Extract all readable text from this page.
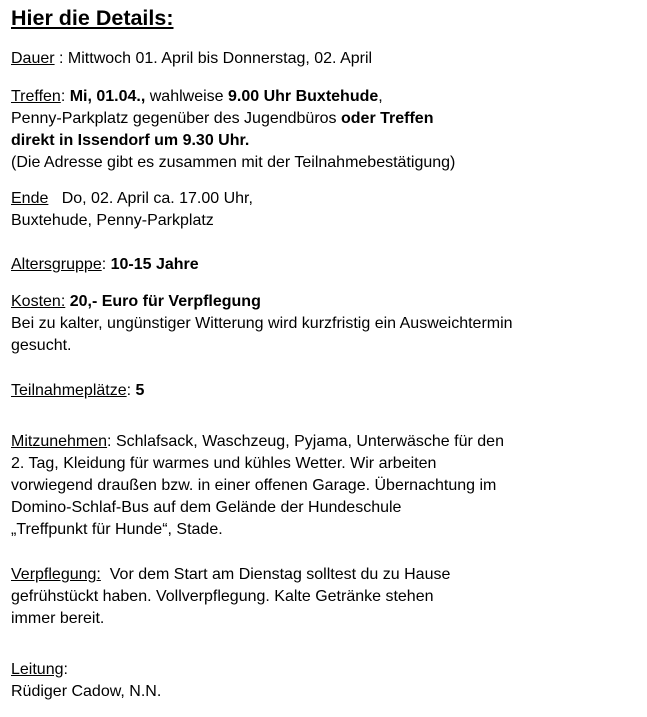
Hier die Details:
Dauer : Mittwoch 01. April bis Donnerstag, 02. April
Treffen: Mi, 01.04., wahlweise 9.00 Uhr Buxtehude,
Penny-Parkplatz gegenüber des Jugendbüros oder Treffen
direkt in Issendorf um 9.30 Uhr.
(Die Adresse gibt es zusammen mit der Teilnahmebestätigung)
Ende   Do, 02. April ca. 17.00 Uhr,
Buxtehude, Penny-Parkplatz
Altersgruppe: 10-15 Jahre
Kosten: 20,- Euro für Verpflegung
Bei zu kalter, ungünstiger Witterung wird kurzfristig ein Ausweichtermin
gesucht.
Teilnahmeplätze: 5
Mitzunehmen: Schlafsack, Waschzeug, Pyjama, Unterwäsche für den
2. Tag, Kleidung für warmes und kühles Wetter. Wir arbeiten
vorwiegend draußen bzw. in einer offenen Garage. Übernachtung im
Domino-Schlaf-Bus auf dem Gelände der Hundeschule
„Treffpunkt für Hunde“, Stade.
Verpflegung: Vor dem Start am Dienstag solltest du zu Hause
gefrühstückt haben. Vollverpflegung. Kalte Getränke stehen
immer bereit.
Leitung:
Rüdiger Cadow, N.N.
